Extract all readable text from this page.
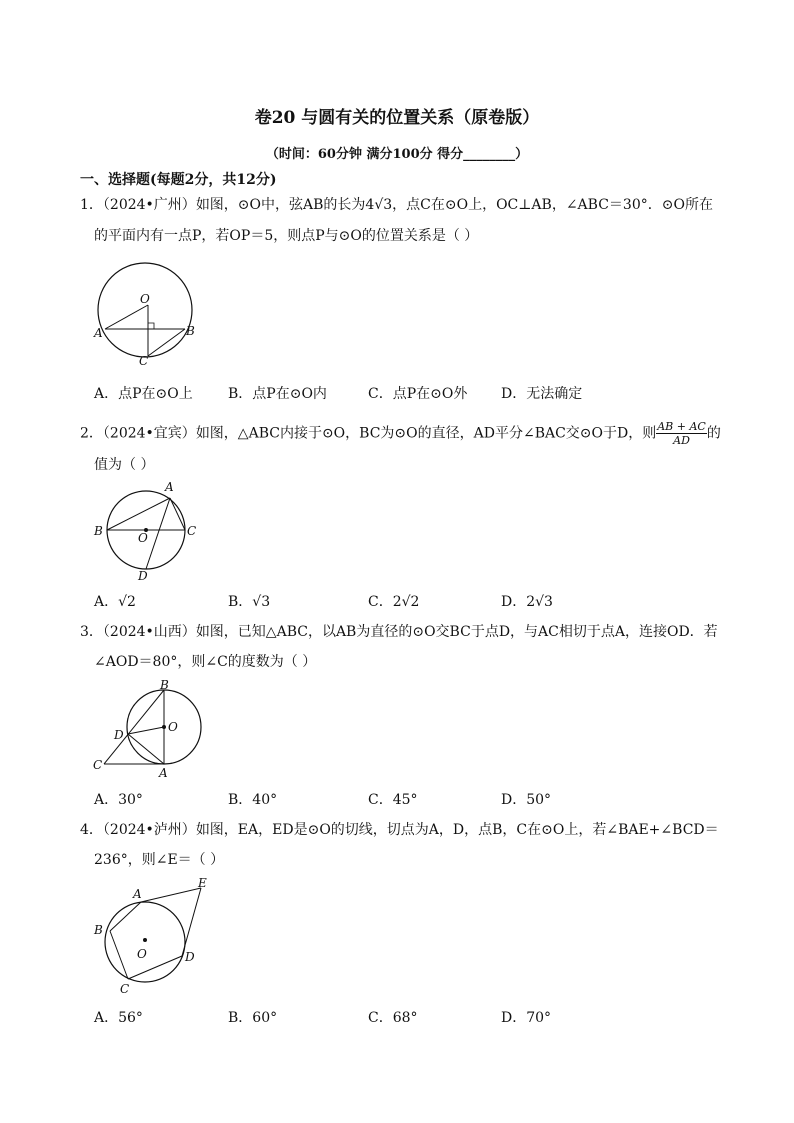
卷20 与圆有关的位置关系（原卷版）
（时间：60分钟 满分100分 得分________）
一、选择题(每题2分，共12分)
1．（2024•广州）如图，⊙O中，弦AB的长为4√3，点C在⊙O上，OC⊥AB，∠ABC＝30°．⊙O所在
的平面内有一点P，若OP＝5，则点P与⊙O的位置关系是（ ）
O
A	B
C
A．点P在⊙O上	B．点P在⊙O内	C．点P在⊙O外 D．无法确定
2．（2024•宜宾）如图，△ABC内接于⊙O，BC为⊙O的直径，AD平分∠BAC交⊙O于D，则 $\frac{AB + AC}{AD}$ 的
值为（ ）
A
B	C
O
D
A．√2	B．√3	C．2√2	D．2√3
3．（2024•山西）如图，已知△ABC，以AB为直径的⊙O交BC于点D，与AC相切于点A，连接OD．若
∠AOD＝80°，则∠C的度数为（ ）
B
O
D
C
A
A．30°	B．40°	C．45°	D．50°
4．（2024•泸州）如图，EA，ED是⊙O的切线，切点为A，D，点B，C在⊙O上，若∠BAE+∠BCD＝
236°，则∠E＝（ ）
A
E
B
O	D
C
A．56°	B．60°	C．68°	D．70°
